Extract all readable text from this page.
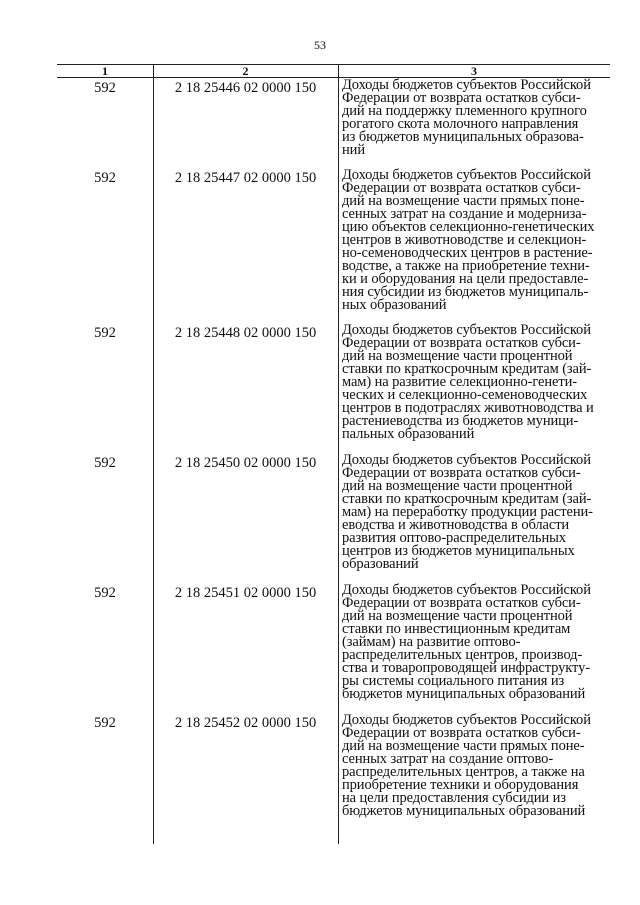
53
1	2	3
592	2 18 25446 02 0000 150	Доходы бюджетов субъектов Российской
Федерации от возврата остатков субси-
дий на поддержку племенного крупного
рогатого скота молочного направления
из бюджетов муниципальных образова-
ний
592	2 18 25447 02 0000 150	Доходы бюджетов субъектов Российской
Федерации от возврата остатков субси-
дий на возмещение части прямых поне-
сенных затрат на создание и модерниза-
цию объектов селекционно-генетических
центров в животноводстве и селекцион-
но-семеноводческих центров в растение-
водстве, а также на приобретение техни-
ки и оборудования на цели предоставле-
ния субсидии из бюджетов муниципаль-
ных образований
592	2 18 25448 02 0000 150	Доходы бюджетов субъектов Российской
Федерации от возврата остатков субси-
дий на возмещение части процентной
ставки по краткосрочным кредитам (зай-
мам) на развитие селекционно-генети-
ческих и селекционно-семеноводческих
центров в подотраслях животноводства и
растениеводства из бюджетов муници-
пальных образований
592	2 18 25450 02 0000 150	Доходы бюджетов субъектов Российской
Федерации от возврата остатков субси-
дий на возмещение части процентной
ставки по краткосрочным кредитам (зай-
мам) на переработку продукции растени-
еводства и животноводства в области
развития оптово-распределительных
центров из бюджетов муниципальных
образований
592	2 18 25451 02 0000 150	Доходы бюджетов субъектов Российской
Федерации от возврата остатков субси-
дий на возмещение части процентной
ставки по инвестиционным кредитам
(займам) на развитие оптово-
распределительных центров, производ-
ства и товаропроводящей инфраструкту-
ры системы социального питания из
бюджетов муниципальных образований
592	2 18 25452 02 0000 150	Доходы бюджетов субъектов Российской
Федерации от возврата остатков субси-
дий на возмещение части прямых поне-
сенных затрат на создание оптово-
распределительных центров, а также на
приобретение техники и оборудования
на цели предоставления субсидии из
бюджетов муниципальных образований
